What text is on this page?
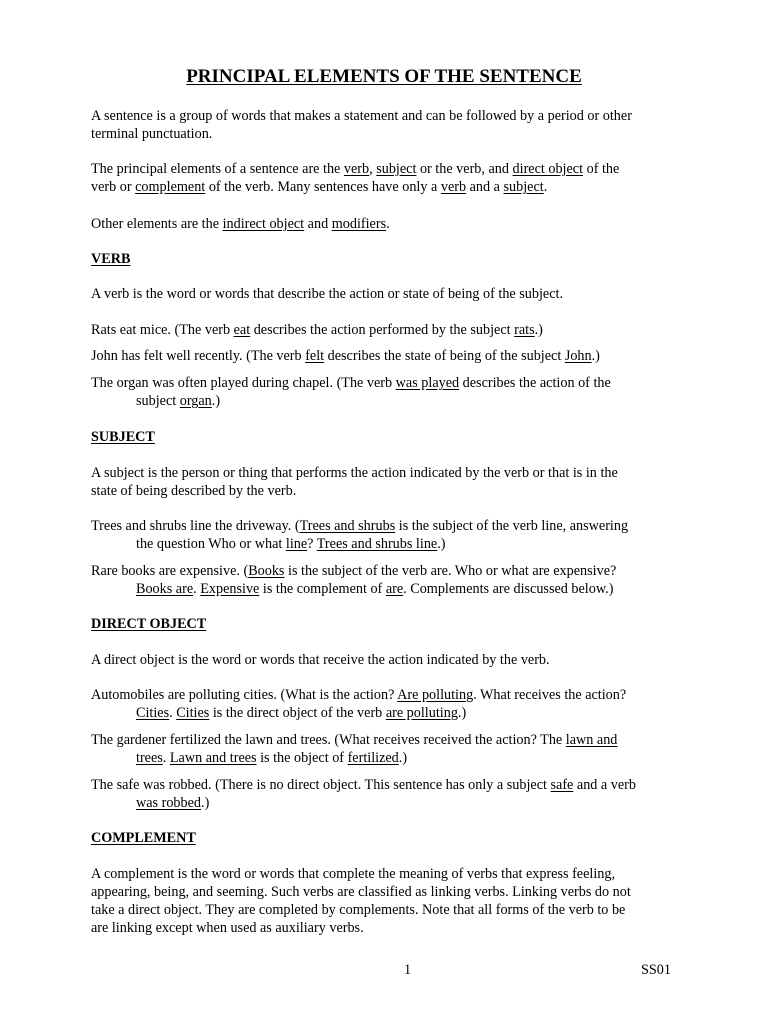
PRINCIPAL ELEMENTS OF THE SENTENCE
A sentence is a group of words that makes a statement and can be followed by a period or other
terminal punctuation.
The principal elements of a sentence are the verb, subject or the verb, and direct object of the
verb or complement of the verb. Many sentences have only a verb and a subject.
Other elements are the indirect object and modifiers.
VERB
A verb is the word or words that describe the action or state of being of the subject.
Rats eat mice. (The verb eat describes the action performed by the subject rats.)
John has felt well recently. (The verb felt describes the state of being of the subject John.)
The organ was often played during chapel. (The verb was played describes the action of the
subject organ.)
SUBJECT
A subject is the person or thing that performs the action indicated by the verb or that is in the
state of being described by the verb.
Trees and shrubs line the driveway. (Trees and shrubs is the subject of the verb line, answering
the question Who or what line? Trees and shrubs line.)
Rare books are expensive. (Books is the subject of the verb are. Who or what are expensive?
Books are. Expensive is the complement of are. Complements are discussed below.)
DIRECT OBJECT
A direct object is the word or words that receive the action indicated by the verb.
Automobiles are polluting cities. (What is the action? Are polluting. What receives the action?
Cities. Cities is the direct object of the verb are polluting.)
The gardener fertilized the lawn and trees. (What receives received the action? The lawn and
trees. Lawn and trees is the object of fertilized.)
The safe was robbed. (There is no direct object. This sentence has only a subject safe and a verb
was robbed.)
COMPLEMENT
A complement is the word or words that complete the meaning of verbs that express feeling,
appearing, being, and seeming. Such verbs are classified as linking verbs. Linking verbs do not
take a direct object. They are completed by complements. Note that all forms of the verb to be
are linking except when used as auxiliary verbs.
1	SS01
